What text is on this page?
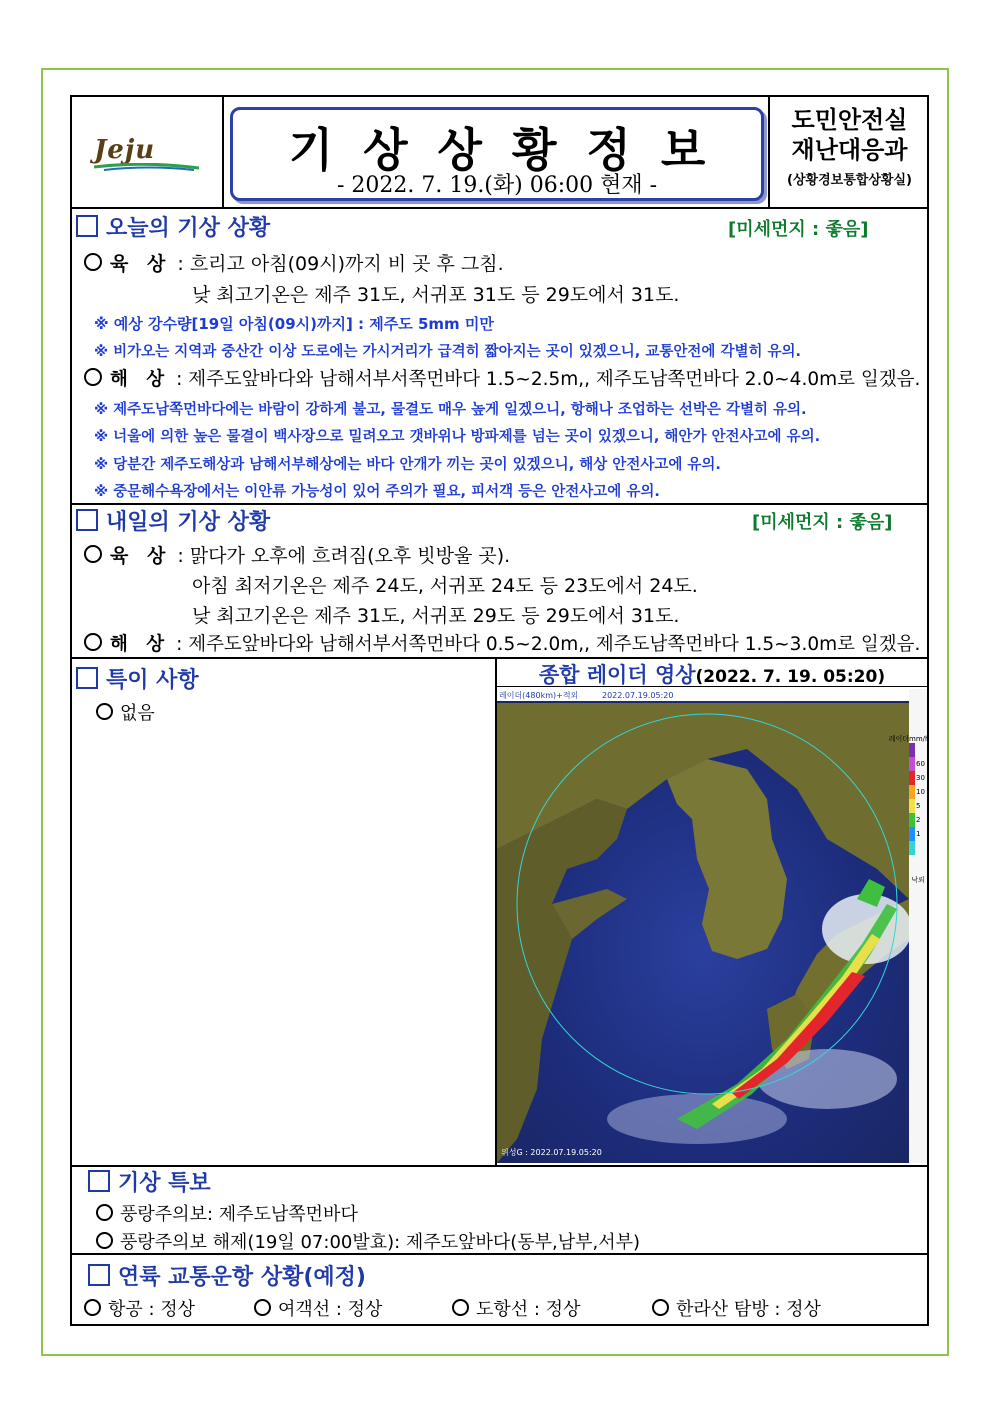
Jeju	기상상황정보
- 2022. 7. 19.(화) 06:00 현재 -
도민안전실
재난대응과
(상황경보통합상황실)
오늘의 기상 상황	[미세먼지 : 좋음]
육 상 : 흐리고 아침(09시)까지 비 곳 후 그침.
낮 최고기온은 제주 31도, 서귀포 31도 등 29도에서 31도.
※ 예상 강수량[19일 아침(09시)까지] : 제주도 5mm 미만
※ 비가오는 지역과 중산간 이상 도로에는 가시거리가 급격히 짧아지는 곳이 있겠으니, 교통안전에 각별히 유의.
해 상 : 제주도앞바다와 남해서부서쪽먼바다 1.5~2.5m,, 제주도남쪽먼바다 2.0~4.0m로 일겠음.
※ 제주도남쪽먼바다에는 바람이 강하게 불고, 물결도 매우 높게 일겠으니, 항해나 조업하는 선박은 각별히 유의.
※ 너울에 의한 높은 물결이 백사장으로 밀려오고 갯바위나 방파제를 넘는 곳이 있겠으니, 해안가 안전사고에 유의.
※ 당분간 제주도해상과 남해서부해상에는 바다 안개가 끼는 곳이 있겠으니, 해상 안전사고에 유의.
※ 중문해수욕장에서는 이안류 가능성이 있어 주의가 필요, 피서객 등은 안전사고에 유의.
내일의 기상 상황	[미세먼지 : 좋음]
육 상 : 맑다가 오후에 흐려짐(오후 빗방울 곳).
아침 최저기온은 제주 24도, 서귀포 24도 등 23도에서 24도.
낮 최고기온은 제주 31도, 서귀포 29도 등 29도에서 31도.
해 상 : 제주도앞바다와 남해서부서쪽먼바다 0.5~2.0m,, 제주도남쪽먼바다 1.5~3.0m로 일겠음.
특이 사항
없음
종합 레이더 영상(2022. 7. 19. 05:20)
레이더(480km)+적외	2022.07.19.05:20
레이더
위성G : 2022.07.19.05:20
mm/h
60
30
10
5
2
1
낙뢰
기상 특보
풍랑주의보: 제주도남쪽먼바다
풍랑주의보 해제(19일 07:00발효): 제주도앞바다(동부,남부,서부)
연륙 교통운항 상황(예정)
항공 : 정상	여객선 : 정상	도항선 : 정상	한라산 탐방 : 정상
